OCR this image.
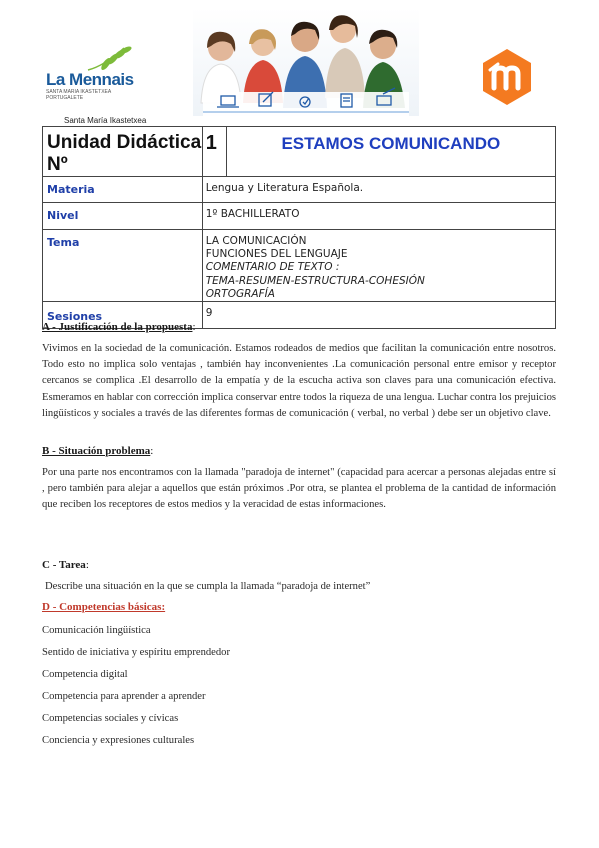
La Mennais
SANTA MARIA IKASTETXEA PORTUGALETE
Santa María Ikastetxea
Unidad Didáctica Nº	1	ESTAMOS COMUNICANDO
Materia	Lengua y Literatura Española.	
Nivel	1º BACHILLERATO	
Tema	LA COMUNICACIÓN
FUNCIONES DEL LENGUAJE
COMENTARIO DE TEXTO :
TEMA-RESUMEN-ESTRUCTURA-COHESIÓN
ORTOGRAFÍA	

Sesiones	9	
A - Justificación de la propuesta:
Vivimos en la sociedad de la comunicación. Estamos rodeados de medios que facilitan la comunicación entre nosotros. Todo esto no implica solo ventajas , también hay inconvenientes .La comunicación personal entre emisor y receptor cercanos se complica .El desarrollo de la empatía y de la escucha activa son claves para una comunicación efectiva. Esmeramos en hablar con corrección implica conservar entre todos la riqueza de una lengua. Luchar contra los prejuicios lingüísticos y sociales a través de las diferentes formas de comunicación ( verbal, no verbal ) debe ser un objetivo clave.
B - Situación problema:
Por una parte nos encontramos con la llamada "paradoja de internet" (capacidad para acercar a personas alejadas entre sí , pero también para alejar a aquellos que están próximos .Por otra, se plantea el problema de la cantidad de información que reciben los receptores de estos medios y la veracidad de estas informaciones.
C - Tarea:
Describe una situación en la que se cumpla la llamada “paradoja de internet”
D - Competencias básicas:
Comunicación lingüística
Sentido de iniciativa y espíritu emprendedor
Competencia digital
Competencia para aprender a aprender
Competencias sociales y cívicas
Conciencia y expresiones culturales
